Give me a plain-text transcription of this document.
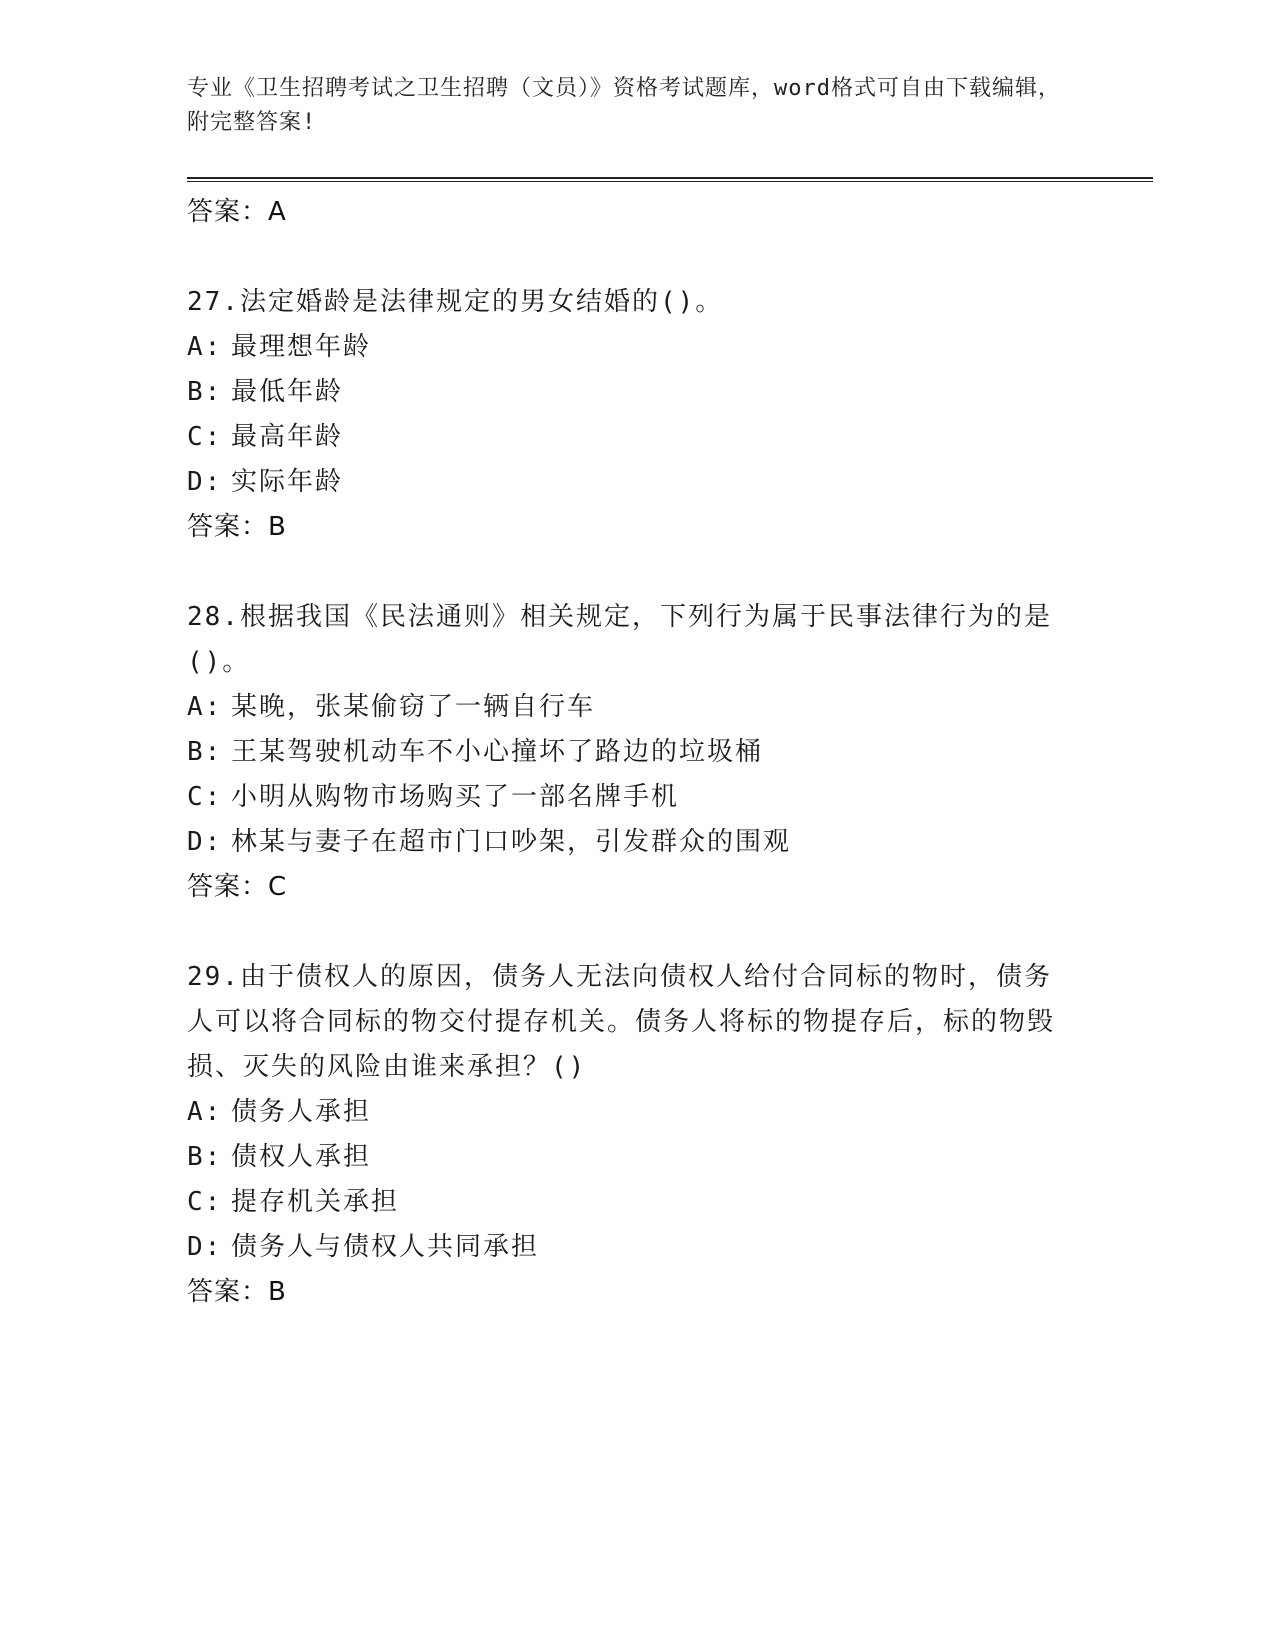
专业《卫生招聘考试之卫生招聘（文员）》资格考试题库，word格式可自由下载编辑，附完整答案!
答案：A
27.法定婚龄是法律规定的男女结婚的()。
A: 最理想年龄
B: 最低年龄
C: 最高年龄
D: 实际年龄
答案：B
28.根据我国《民法通则》相关规定，下列行为属于民事法律行为的是()。
A: 某晚，张某偷窃了一辆自行车
B: 王某驾驶机动车不小心撞坏了路边的垃圾桶
C: 小明从购物市场购买了一部名牌手机
D: 林某与妻子在超市门口吵架，引发群众的围观
答案：C
29.由于债权人的原因，债务人无法向债权人给付合同标的物时，债务人可以将合同标的物交付提存机关。债务人将标的物提存后，标的物毁损、灭失的风险由谁来承担？()
A: 债务人承担
B: 债权人承担
C: 提存机关承担
D: 债务人与债权人共同承担
答案：B
